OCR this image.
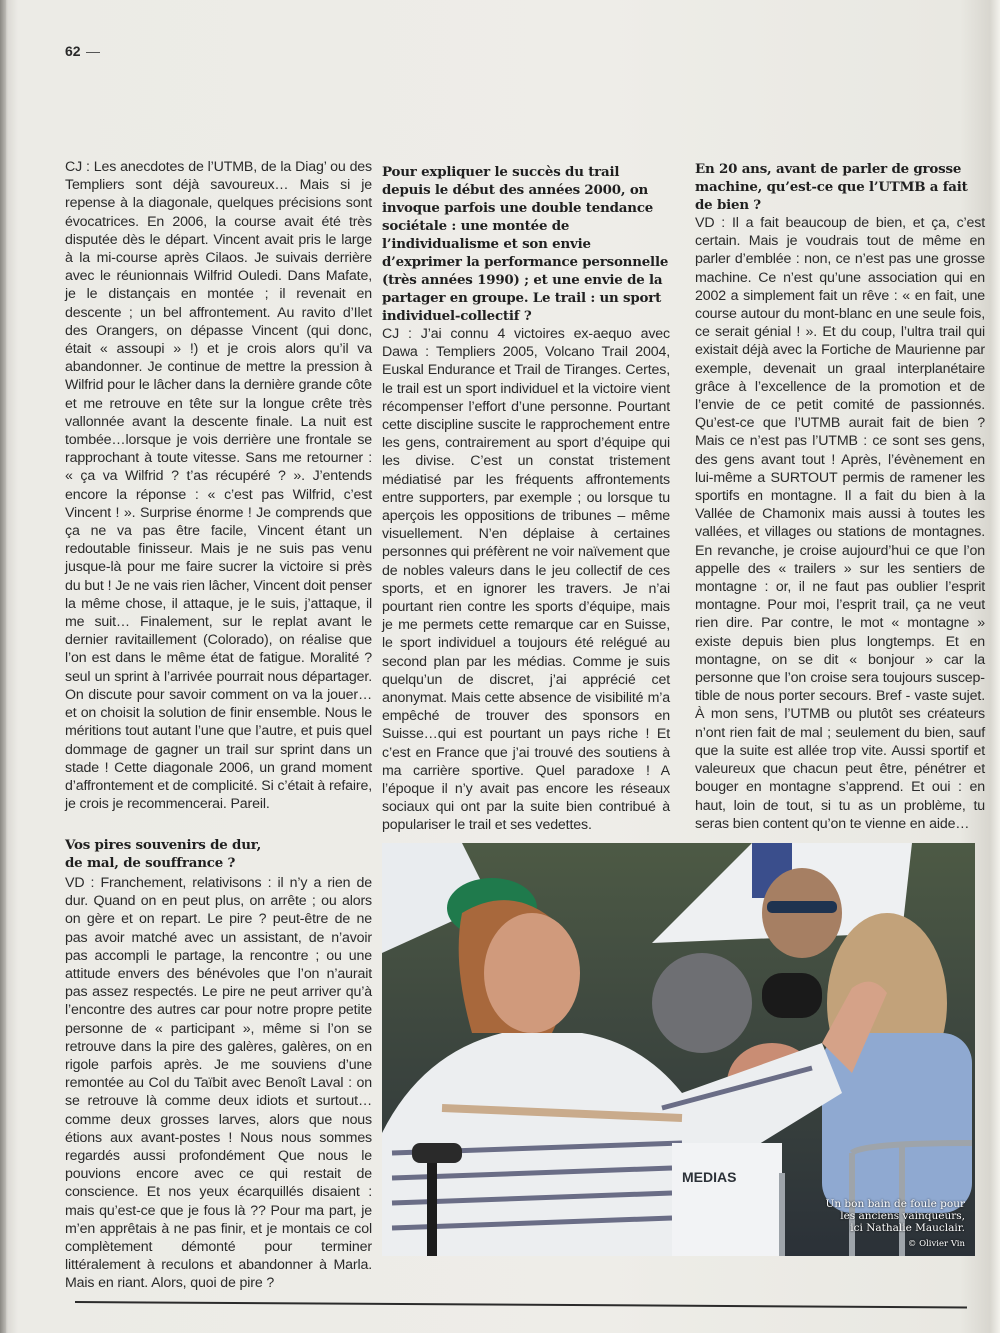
62

CJ : Les anecdotes de l’UTMB, de la Diag’ ou des Templiers sont déjà savoureux… Mais si je repense à la diagonale, quelques précisions sont évocatrices. En 2006, la course avait été très disputée dès le départ. Vincent avait pris le large à la mi-course après Cilaos. Je suivais derrière avec le réunionnais Wilfrid Ouledi. Dans Mafate, je le distançais en montée ; il revenait en descente ; un bel affrontement. Au ravito d’Ilet des Orangers, on dépasse Vincent (qui donc, était « assoupi » !) et je crois alors qu’il va abandonner. Je continue de mettre la pression à Wilfrid pour le lâcher dans la dernière grande côte et me retrouve en tête sur la longue crête très vallonnée avant la descente finale. La nuit est tombée…lorsque je vois derrière une frontale se rapprochant à toute vitesse. Sans me retourner : « ça va Wilfrid ? t’as récupéré ? ». J’entends encore la réponse : « c’est pas Wilfrid, c’est Vincent ! ». Surprise énorme ! Je comprends que ça ne va pas être facile, Vincent étant un redoutable finisseur. Mais je ne suis pas venu jusque-là pour me faire sucrer la victoire si près du but ! Je ne vais rien lâcher, Vincent doit penser la même chose, il attaque, je le suis, j’attaque, il me suit… Finalement, sur le replat avant le dernier ravitaillement (Colorado), on réalise que l’on est dans le même état de fatigue. Moralité ? seul un sprint à l’arrivée pourrait nous départager. On discute pour savoir comment on va la jouer…et on choisit la solution de finir ensemble. Nous le méritions tout autant l’une que l’autre, et puis quel dommage de gagner un trail sur sprint dans un stade ! Cette diagonale 2006, un grand moment d’affrontement et de complicité. Si c’était à refaire, je crois je recommencerai. Pareil.

Vos pires souvenirs de dur,

de mal, de souffrance ?

VD : Franchement, relativisons : il n’y a rien de dur. Quand on en peut plus, on arrête ; ou alors on gère et on repart. Le pire ? peut-être de ne pas avoir matché avec un assistant, de n’avoir pas accompli le partage, la rencontre ; ou une attitude envers des bénévoles que l’on n’aurait pas assez respectés. Le pire ne peut arriver qu’à l’encontre des autres car pour notre propre petite personne de « participant », même si l’on se retrouve dans la pire des galères, galères, on en rigole parfois après. Je me souviens d’une remontée au Col du Taïbit avec Benoît Laval : on se retrouve là comme deux idiots et surtout…comme deux grosses larves, alors que nous étions aux avant-postes ! Nous nous sommes regardés aussi profondément Que nous le pouvions encore avec ce qui restait de conscience. Et nos yeux écarquillés disaient : mais qu’est-ce que je fous là ?? Pour ma part, je m’en apprêtais à ne pas finir, et je montais ce col complètement démonté pour terminer littéralement à reculons et abandonner à Marla. Mais en riant. Alors, quoi de pire ?

Pour expliquer le succès du trail depuis le début des années 2000, on invoque parfois une double tendance sociétale : une montée de l’individualisme et son envie d’exprimer la performance personnelle (très années 1990) ; et une envie de la partager en groupe. Le trail : un sport individuel-collectif ?

CJ : J’ai connu 4 victoires ex-aequo avec Dawa : Templiers 2005, Volcano Trail 2004, Euskal Endurance et Trail de Tiranges. Certes, le trail est un sport individuel et la victoire vient récompenser l’effort d’une personne. Pourtant cette discipline suscite le rapprochement entre les gens, contrairement au sport d’équipe qui les divise. C’est un constat tristement médiatisé par les fréquents affrontements entre supporters, par exemple ; ou lorsque tu aperçois les oppositions de tribunes – même visuellement. N’en déplaise à certaines personnes qui préfèrent ne voir naïvement que de nobles valeurs dans le jeu collectif de ces sports, et en ignorer les travers. Je n’ai pourtant rien contre les sports d’équipe, mais je me permets cette remarque car en Suisse, le sport individuel a toujours été relégué au second plan par les médias. Comme je suis quelqu’un de discret, j’ai apprécié cet anonymat. Mais cette absence de visibilité m’a empêché de trouver des sponsors en Suisse…qui est pourtant un pays riche ! Et c’est en France que j’ai trouvé des soutiens à ma carrière sportive. Quel paradoxe ! A l’époque il n’y avait pas encore les réseaux sociaux qui ont par la suite bien contribué à populariser le trail et ses vedettes.

En 20 ans, avant de parler de grosse machine, qu’est-ce que l’UTMB a fait de bien ?

VD : Il a fait beaucoup de bien, et ça, c’est certain. Mais je voudrais tout de même en parler d’emblée : non, ce n’est pas une grosse machine. Ce n’est qu’une association qui en 2002 a simplement fait un rêve : « en fait, une course autour du mont-blanc en une seule fois, ce serait génial ! ». Et du coup, l’ultra trail qui existait déjà avec la Fortiche de Maurienne par exemple, devenait un graal interplanétaire grâce à l’excellence de la promotion et de l’envie de ce petit comité de passionnés. Qu’est-ce que l’UTMB aurait fait de bien ? Mais ce n’est pas l’UTMB : ce sont ses gens, des gens avant tout ! Après, l’évènement en lui-même a SURTOUT permis de ramener les sportifs en montagne. Il a fait du bien à la Vallée de Chamonix mais aussi à toutes les vallées, et villages ou stations de montagnes. En revanche, je croise aujourd’hui ce que l’on appelle des « trailers » sur les sentiers de montagne : or, il ne faut pas oublier l’esprit montagne. Pour moi, l’esprit trail, ça ne veut rien dire. Par contre, le mot « montagne » existe depuis bien plus longtemps. Et en montagne, on se dit « bonjour » car la personne que l’on croise sera toujours susceptible de nous porter secours. Bref - vaste sujet. À mon sens, l’UTMB ou plutôt ses créateurs n’ont rien fait de mal ; seulement du bien, sauf que la suite est allée trop vite. Aussi sportif et valeureux que chacun peut être, pénétrer et bouger en montagne s’apprend. Et oui : en haut, loin de tout, si tu as un problème, tu seras bien content qu’on te vienne en aide…

MEDIAS
Un bon bain de foule pour
les anciens vainqueurs,
ici Nathalie Mauclair.
© Olivier Vin
